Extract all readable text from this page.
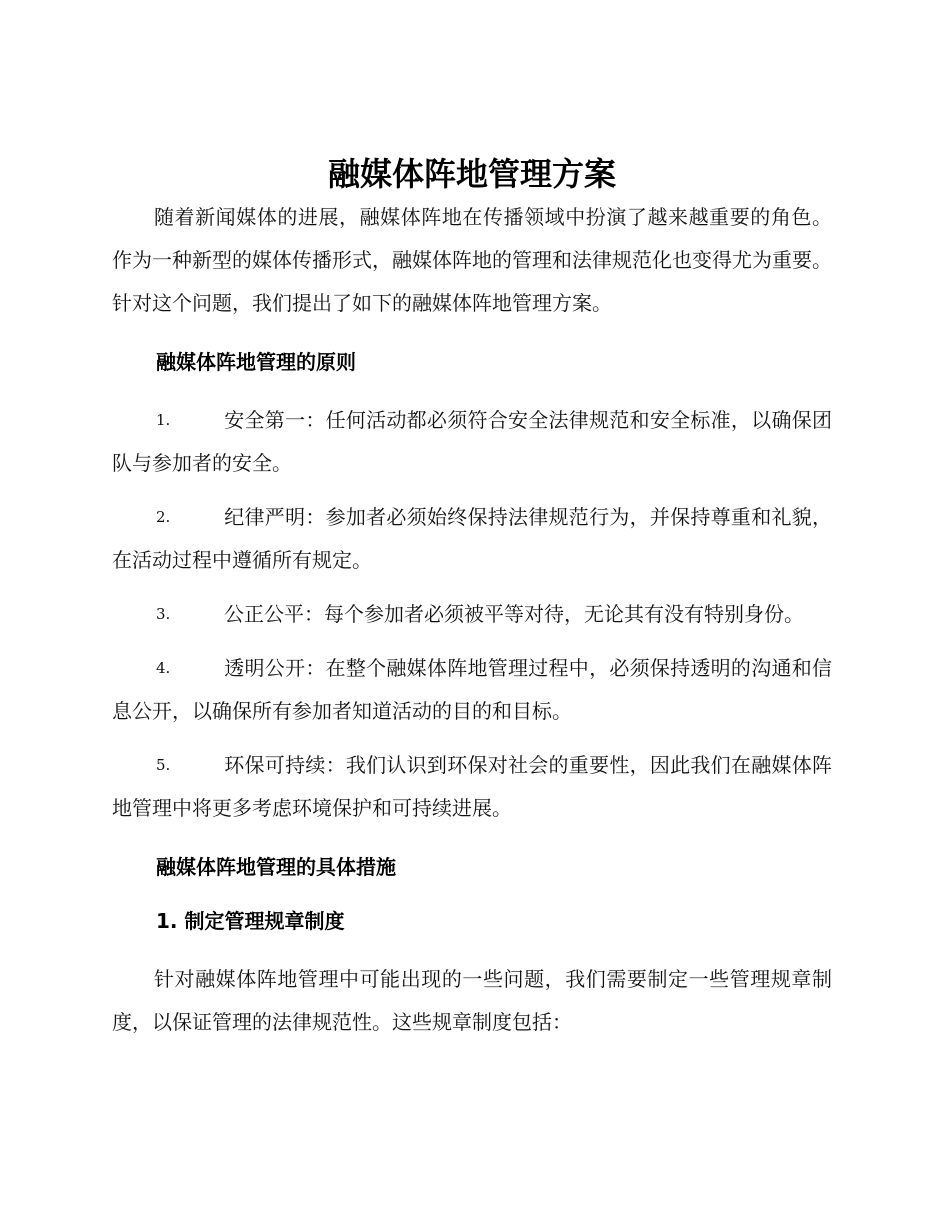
融媒体阵地管理方案

随着新闻媒体的进展，融媒体阵地在传播领域中扮演了越来越重要的角色。作为一种新型的媒体传播形式，融媒体阵地的管理和法律规范化也变得尤为重要。针对这个问题，我们提出了如下的融媒体阵地管理方案。

融媒体阵地管理的原则
1.	安全第一：任何活动都必须符合安全法律规范和安全标准，以确保团队与参加者的安全。
2.	纪律严明：参加者必须始终保持法律规范行为，并保持尊重和礼貌，在活动过程中遵循所有规定。
3.	公正公平：每个参加者必须被平等对待，无论其有没有特别身份。
4.	透明公开：在整个融媒体阵地管理过程中，必须保持透明的沟通和信息公开，以确保所有参加者知道活动的目的和目标。
5.	环保可持续：我们认识到环保对社会的重要性，因此我们在融媒体阵地管理中将更多考虑环境保护和可持续进展。
融媒体阵地管理的具体措施
1. 制定管理规章制度

针对融媒体阵地管理中可能出现的一些问题，我们需要制定一些管理规章制度，以保证管理的法律规范性。这些规章制度包括：
